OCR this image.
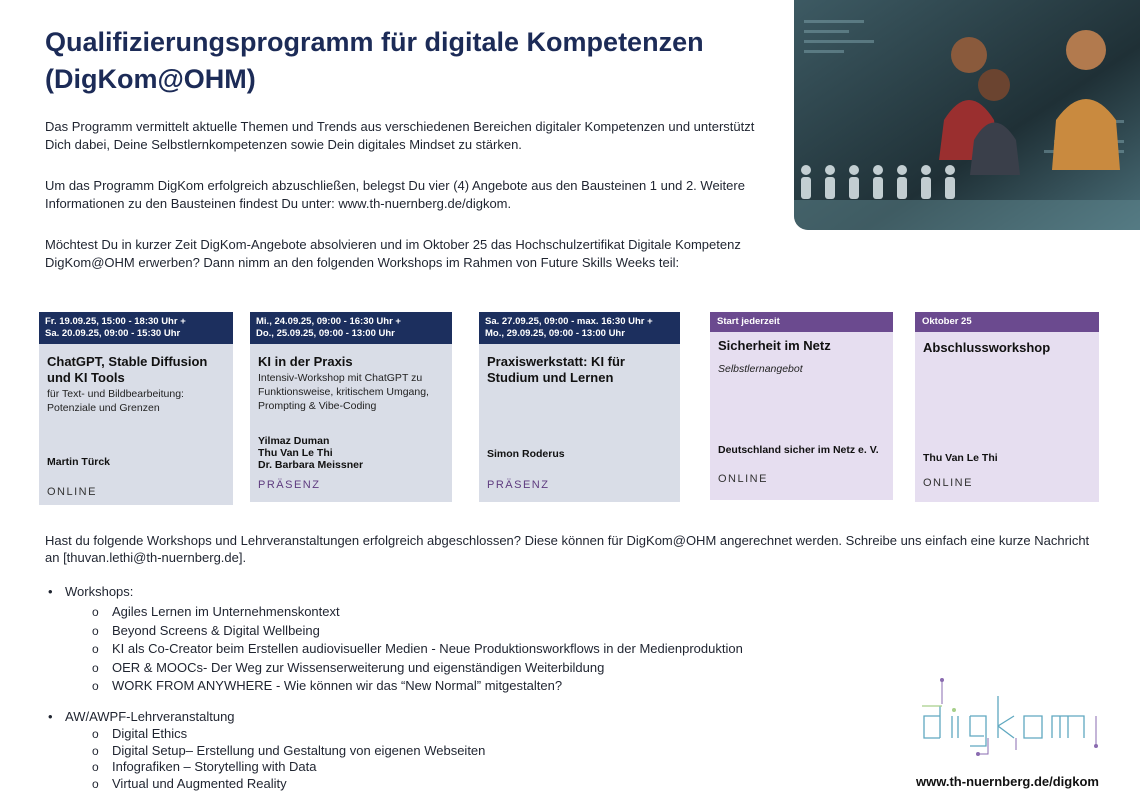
Qualifizierungsprogramm für digitale Kompetenzen (DigKom@OHM)

Das Programm vermittelt aktuelle Themen und Trends aus verschiedenen Bereichen digitaler Kompetenzen und unterstützt Dich dabei, Deine Selbstlernkompetenzen sowie Dein digitales Mindset zu stärken.

Um das Programm DigKom erfolgreich abzuschließen, belegst Du vier (4) Angebote aus den Bausteinen 1 und 2. Weitere Informationen zu den Bausteinen findest Du unter: www.th-nuernberg.de/digkom.

Möchtest Du in kurzer Zeit DigKom-Angebote absolvieren und im Oktober 25 das Hochschulzertifikat Digitale Kompetenz DigKom@OHM erwerben? Dann nimm an den folgenden Workshops im Rahmen von Future Skills Weeks teil:

Fr. 19.09.25, 15:00 - 18:30 Uhr +
Sa. 20.09.25, 09:00 - 15:30 Uhr
ChatGPT, Stable Diffusion und KI Tools
für Text- und Bildbearbeitung: Potenziale und Grenzen
Martin Türck
ONLINE
Mi., 24.09.25, 09:00 - 16:30 Uhr +
Do., 25.09.25, 09:00 - 13:00 Uhr
KI in der Praxis
Intensiv-Workshop mit ChatGPT zu Funktionsweise, kritischem Umgang, Prompting & Vibe-Coding
Yilmaz Duman
Thu Van Le Thi
Dr. Barbara Meissner
PRÄSENZ
Sa. 27.09.25, 09:00 - max. 16:30 Uhr +
Mo., 29.09.25, 09:00 - 13:00 Uhr
Praxiswerkstatt: KI für Studium und Lernen
Simon Roderus
PRÄSENZ
Start jederzeit
Sicherheit im Netz
Selbstlernangebot
Deutschland sicher im Netz e. V.
ONLINE
Oktober 25
Abschlussworkshop
Thu Van Le Thi
ONLINE

Hast du folgende Workshops und Lehrveranstaltungen erfolgreich abgeschlossen? Diese können für DigKom@OHM angerechnet werden. Schreibe uns einfach eine kurze Nachricht an [thuvan.lethi@th-nuernberg.de].

• Workshops:
o Agiles Lernen im Unternehmenskontext
o Beyond Screens & Digital Wellbeing
o KI als Co-Creator beim Erstellen audiovisueller Medien - Neue Produktionsworkflows in der Medienproduktion
o OER & MOOCs- Der Weg zur Wissenserweiterung und eigenständigen Weiterbildung
o WORK FROM ANYWHERE - Wie können wir das “New Normal” mitgestalten?
• AW/AWPF-Lehrveranstaltung
o Digital Ethics
o Digital Setup– Erstellung und Gestaltung von eigenen Webseiten
o Infografiken – Storytelling with Data
o Virtual und Augmented Reality	www.th-nuernberg.de/digkom
